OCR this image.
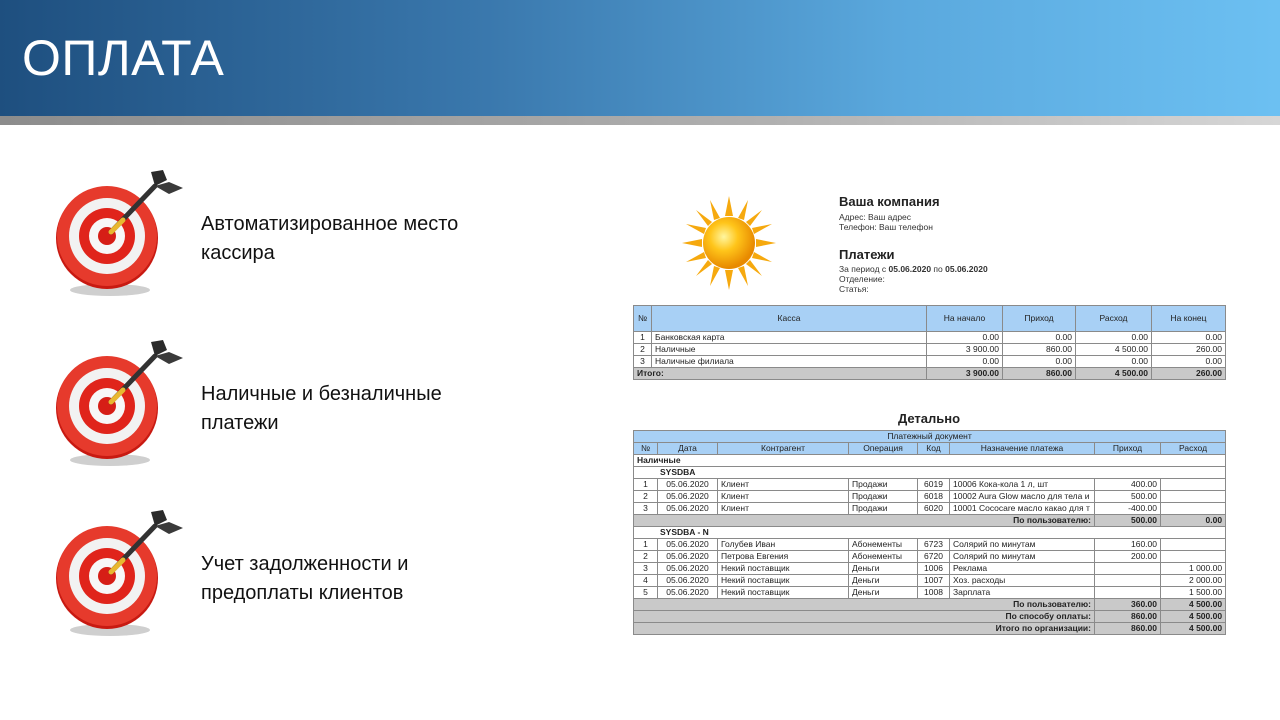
ОПЛАТА
Автоматизированное место кассира
Наличные и безналичные платежи
Учет задолженности и предоплаты клиентов
Ваша компания
Адрес: Ваш адрес
Телефон: Ваш телефон
Платежи
За период с 05.06.2020 по 05.06.2020
Отделение:
Статья:
№	Касса	На начало	Приход	Расход	На конец
1	Банковская карта	0.00	0.00	0.00	0.00
2	Наличные	3 900.00	860.00	4 500.00	260.00
3	Наличные филиала	0.00	0.00	0.00	0.00
Итого:		3 900.00	860.00	4 500.00	260.00
Детально
Платежный документ							
№	Дата	Контрагент	Операция	Код	Назначение платежа	Приход	Расход
Наличные							
SYSDBA							
1	05.06.2020	Клиент	Продажи	6019	10006 Кока-кола 1 л, шт	400.00	
2	05.06.2020	Клиент	Продажи	6018	10002 Aura Glow масло для тела и	500.00	
3	05.06.2020	Клиент	Продажи	6020	10001 Cococare масло какао для т	-400.00	
По пользователю:						500.00	0.00
SYSDBA - N							
1	05.06.2020	Голубев Иван	Абонементы	6723	Солярий по минутам	160.00	
2	05.06.2020	Петрова Евгения	Абонементы	6720	Солярий по минутам	200.00	
3	05.06.2020	Некий поставщик	Деньги	1006	Реклама		1 000.00
4	05.06.2020	Некий поставщик	Деньги	1007	Хоз. расходы		2 000.00
5	05.06.2020	Некий поставщик	Деньги	1008	Зарплата		1 500.00
По пользователю:						360.00	4 500.00
По способу оплаты:						860.00	4 500.00
Итого по организации:						860.00	4 500.00
